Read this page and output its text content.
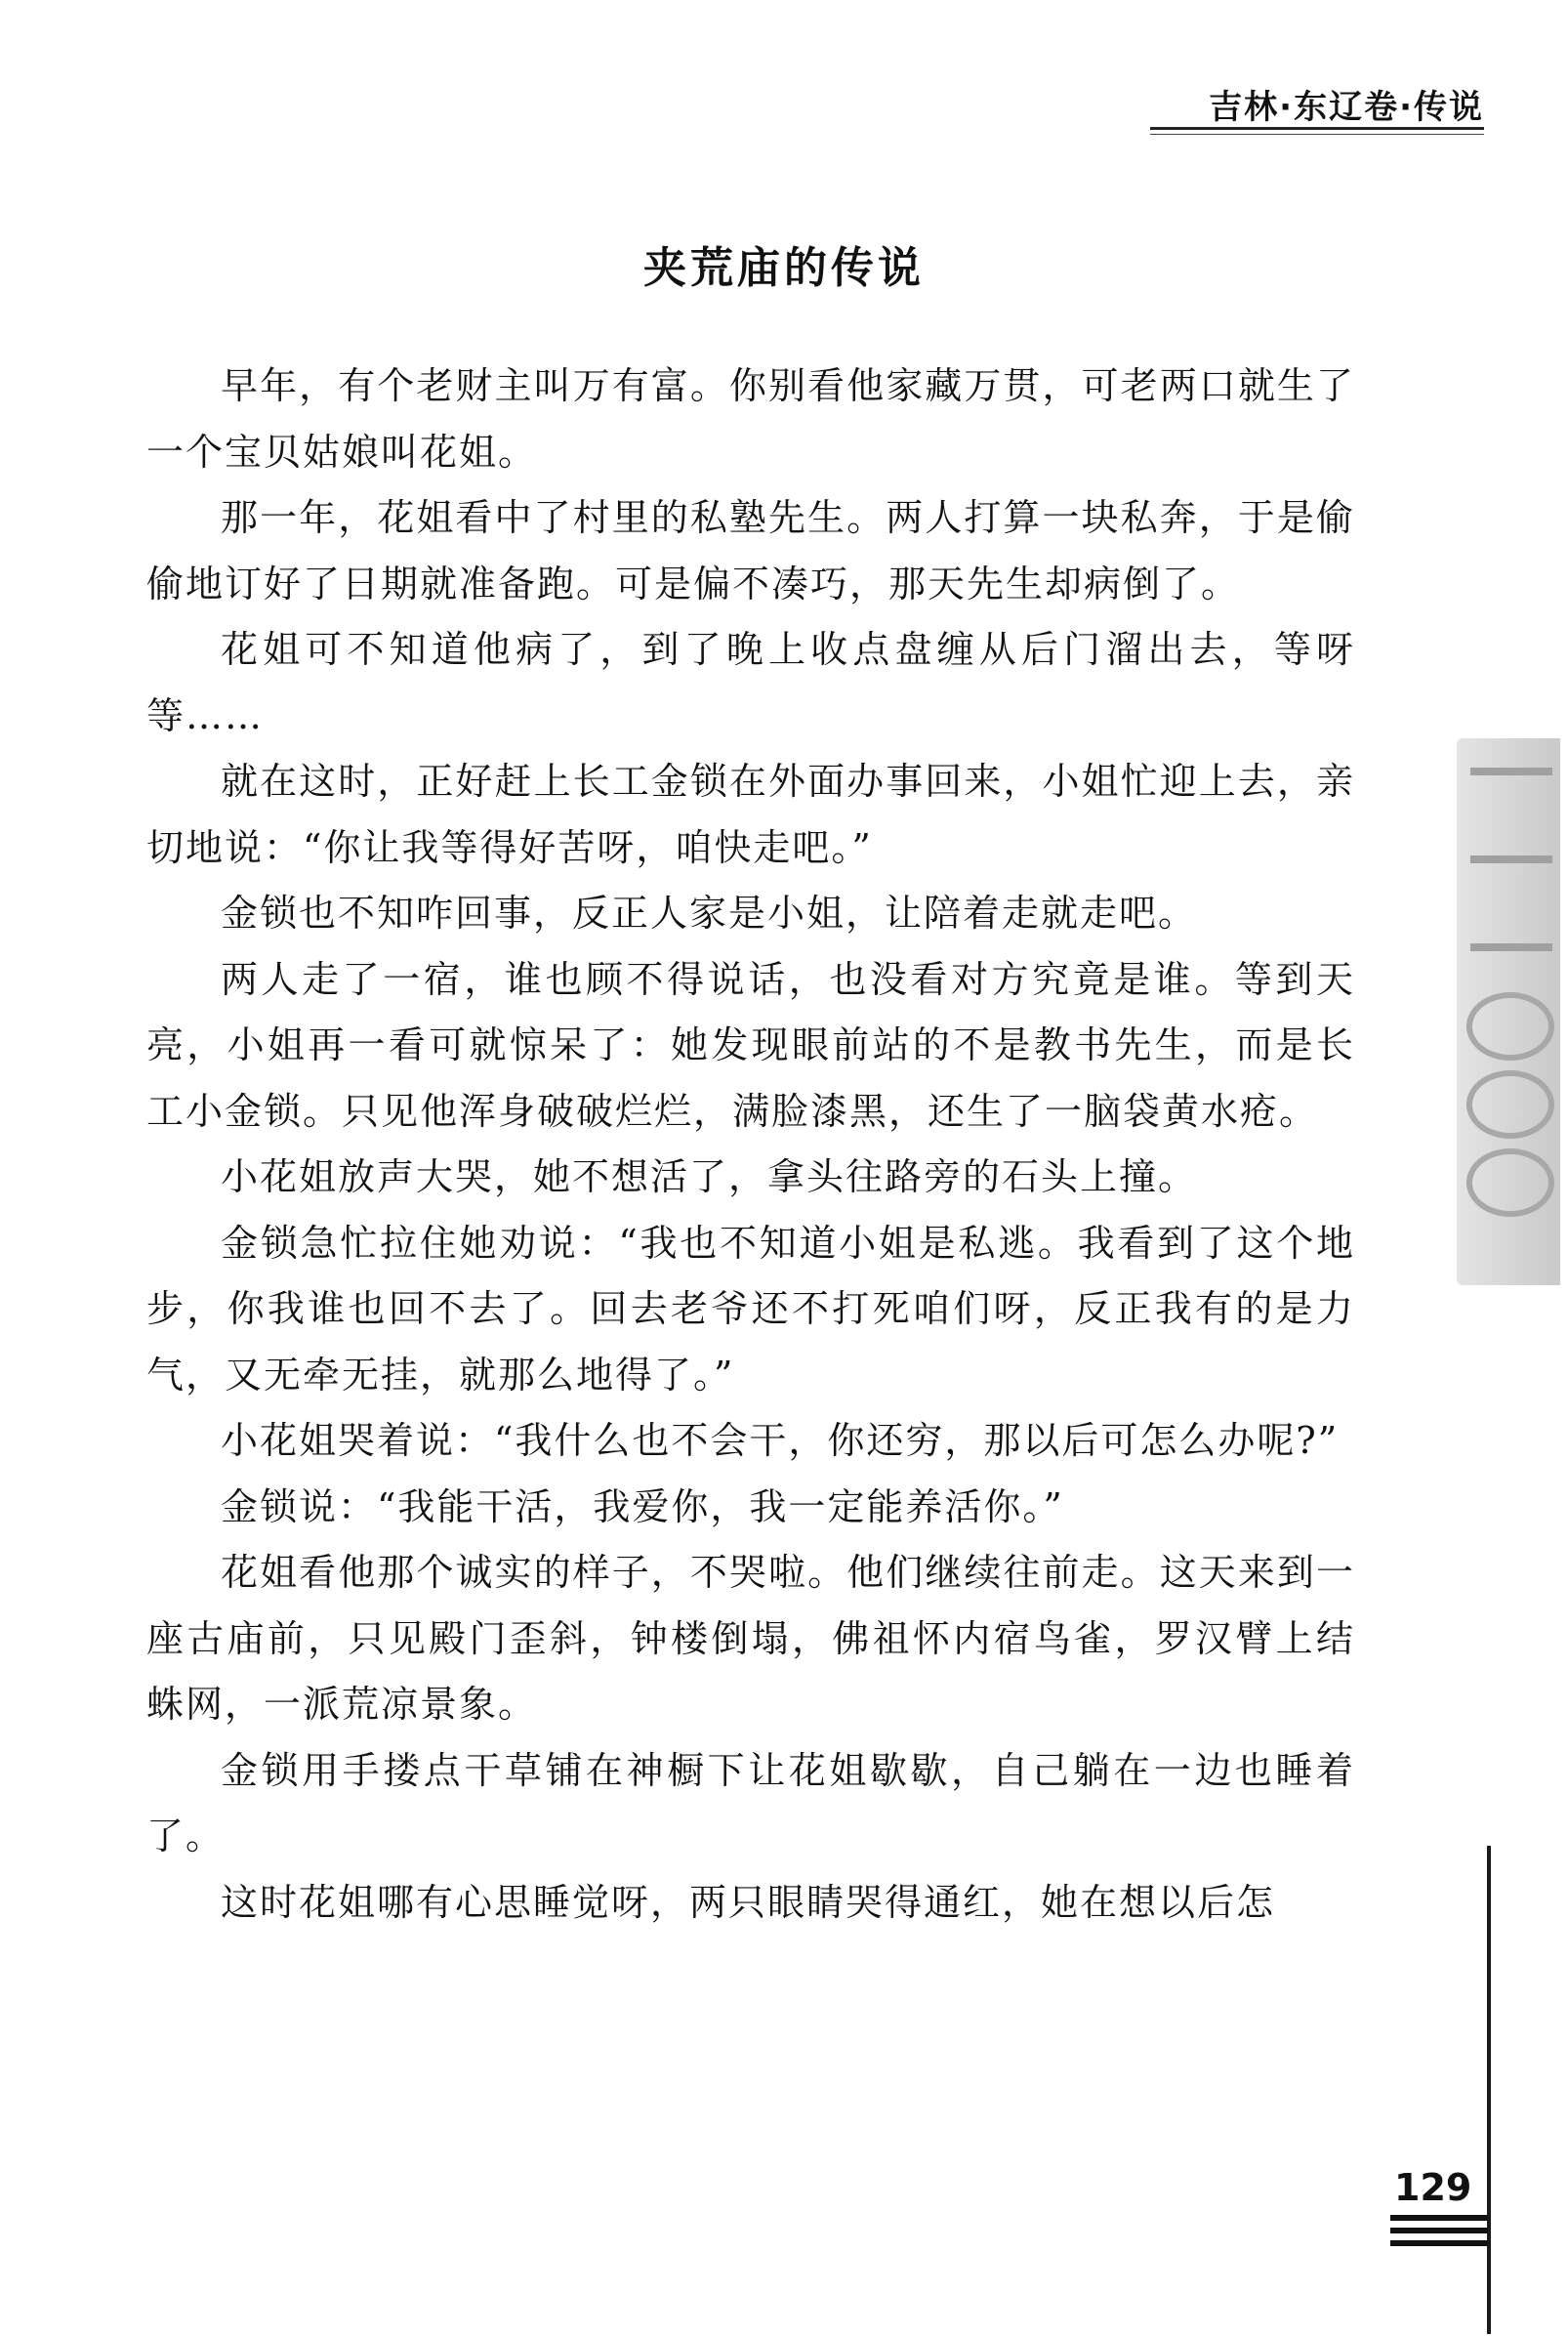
吉林·东辽卷·传说
夹荒庙的传说

早年，有个老财主叫万有富。你别看他家藏万贯，可老两口就生了一个宝贝姑娘叫花姐。

那一年，花姐看中了村里的私塾先生。两人打算一块私奔，于是偷偷地订好了日期就准备跑。可是偏不凑巧，那天先生却病倒了。

花姐可不知道他病了，到了晚上收点盘缠从后门溜出去，等呀等……

就在这时，正好赶上长工金锁在外面办事回来，小姐忙迎上去，亲切地说：“你让我等得好苦呀，咱快走吧。”

金锁也不知咋回事，反正人家是小姐，让陪着走就走吧。

两人走了一宿，谁也顾不得说话，也没看对方究竟是谁。等到天亮，小姐再一看可就惊呆了：她发现眼前站的不是教书先生，而是长工小金锁。只见他浑身破破烂烂，满脸漆黑，还生了一脑袋黄水疮。

小花姐放声大哭，她不想活了，拿头往路旁的石头上撞。

金锁急忙拉住她劝说：“我也不知道小姐是私逃。我看到了这个地步，你我谁也回不去了。回去老爷还不打死咱们呀，反正我有的是力气，又无牵无挂，就那么地得了。”

小花姐哭着说：“我什么也不会干，你还穷，那以后可怎么办呢?”

金锁说：“我能干活，我爱你，我一定能养活你。”

花姐看他那个诚实的样子，不哭啦。他们继续往前走。这天来到一座古庙前，只见殿门歪斜，钟楼倒塌，佛祖怀内宿鸟雀，罗汉臂上结蛛网，一派荒凉景象。

金锁用手搂点干草铺在神橱下让花姐歇歇，自己躺在一边也睡着了。

这时花姐哪有心思睡觉呀，两只眼睛哭得通红，她在想以后怎

129
